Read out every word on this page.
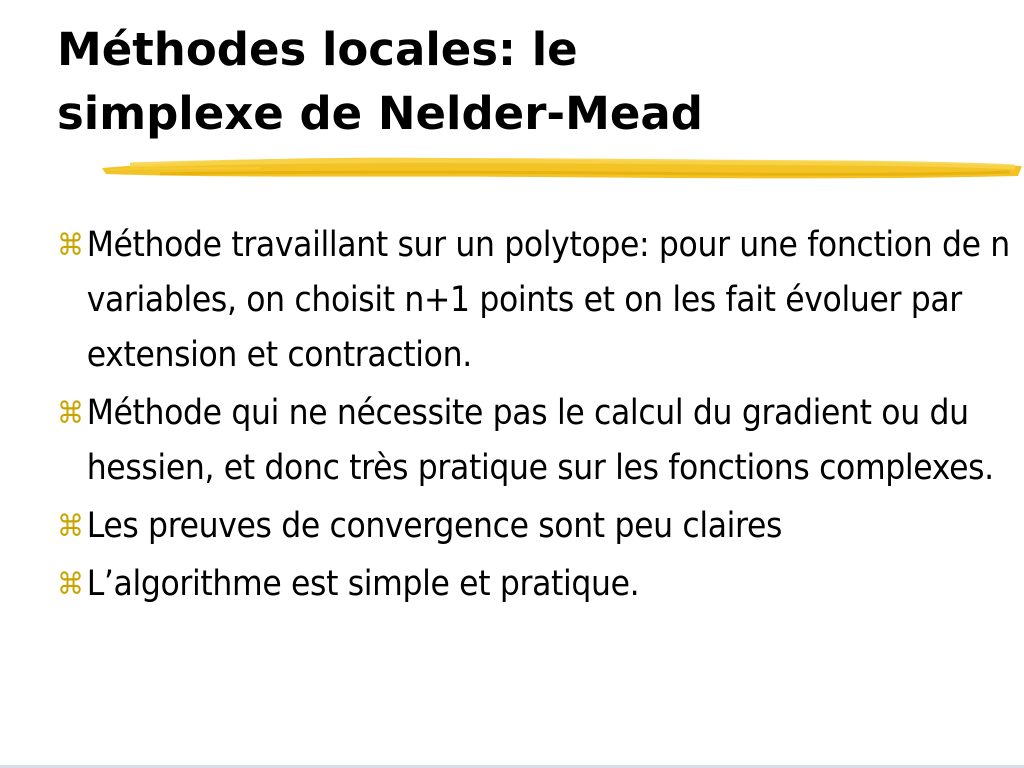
Méthodes locales: le
simplexe de Nelder-Mead
⌘ Méthode travaillant sur un polytope: pour une fonction de n variables, on choisit n+1 points et on les fait évoluer par extension et contraction.
⌘ Méthode qui ne nécessite pas le calcul du gradient ou du hessien, et donc très pratique sur les fonctions complexes.
⌘ Les preuves de convergence sont peu claires
⌘ L’algorithme est simple et pratique.
